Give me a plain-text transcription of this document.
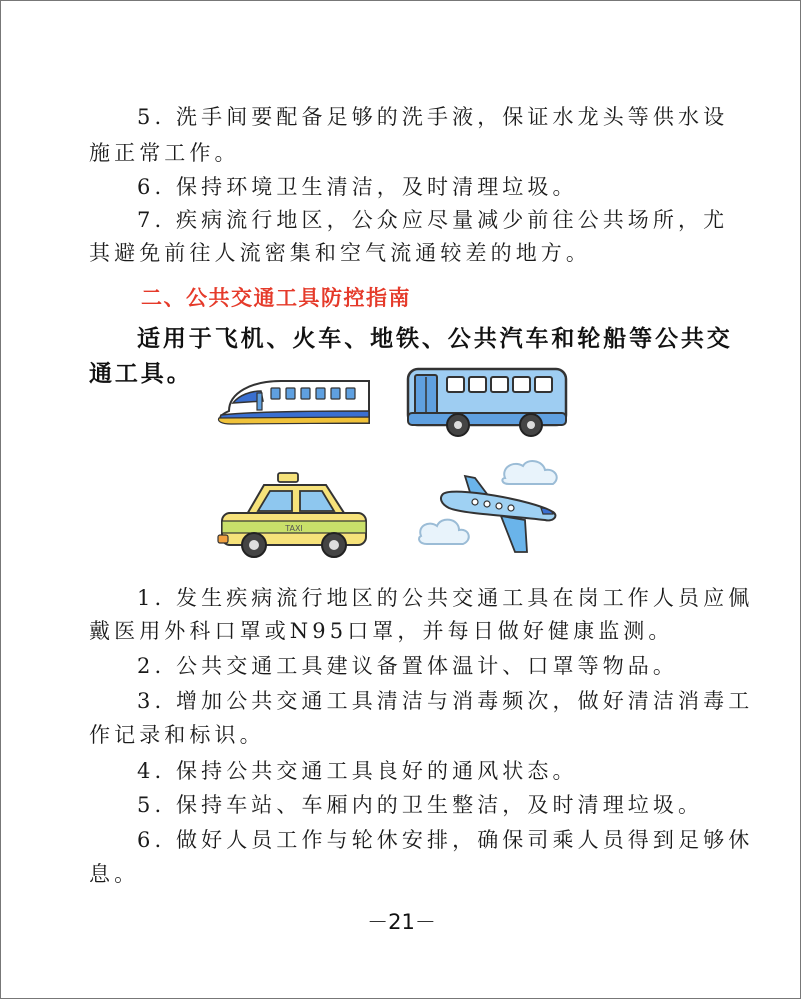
5. 洗手间要配备足够的洗手液，保证水龙头等供水设
施正常工作。
6. 保持环境卫生清洁，及时清理垃圾。
7. 疾病流行地区，公众应尽量减少前往公共场所，尤
其避免前往人流密集和空气流通较差的地方。
二、公共交通工具防控指南
适用于飞机、火车、地铁、公共汽车和轮船等公共交
通工具。
TAXI
1. 发生疾病流行地区的公共交通工具在岗工作人员应佩
戴医用外科口罩或N95口罩，并每日做好健康监测。
2. 公共交通工具建议备置体温计、口罩等物品。
3. 增加公共交通工具清洁与消毒频次，做好清洁消毒工
作记录和标识。
4. 保持公共交通工具良好的通风状态。
5. 保持车站、车厢内的卫生整洁，及时清理垃圾。
6. 做好人员工作与轮休安排，确保司乘人员得到足够休
息。
－21－
